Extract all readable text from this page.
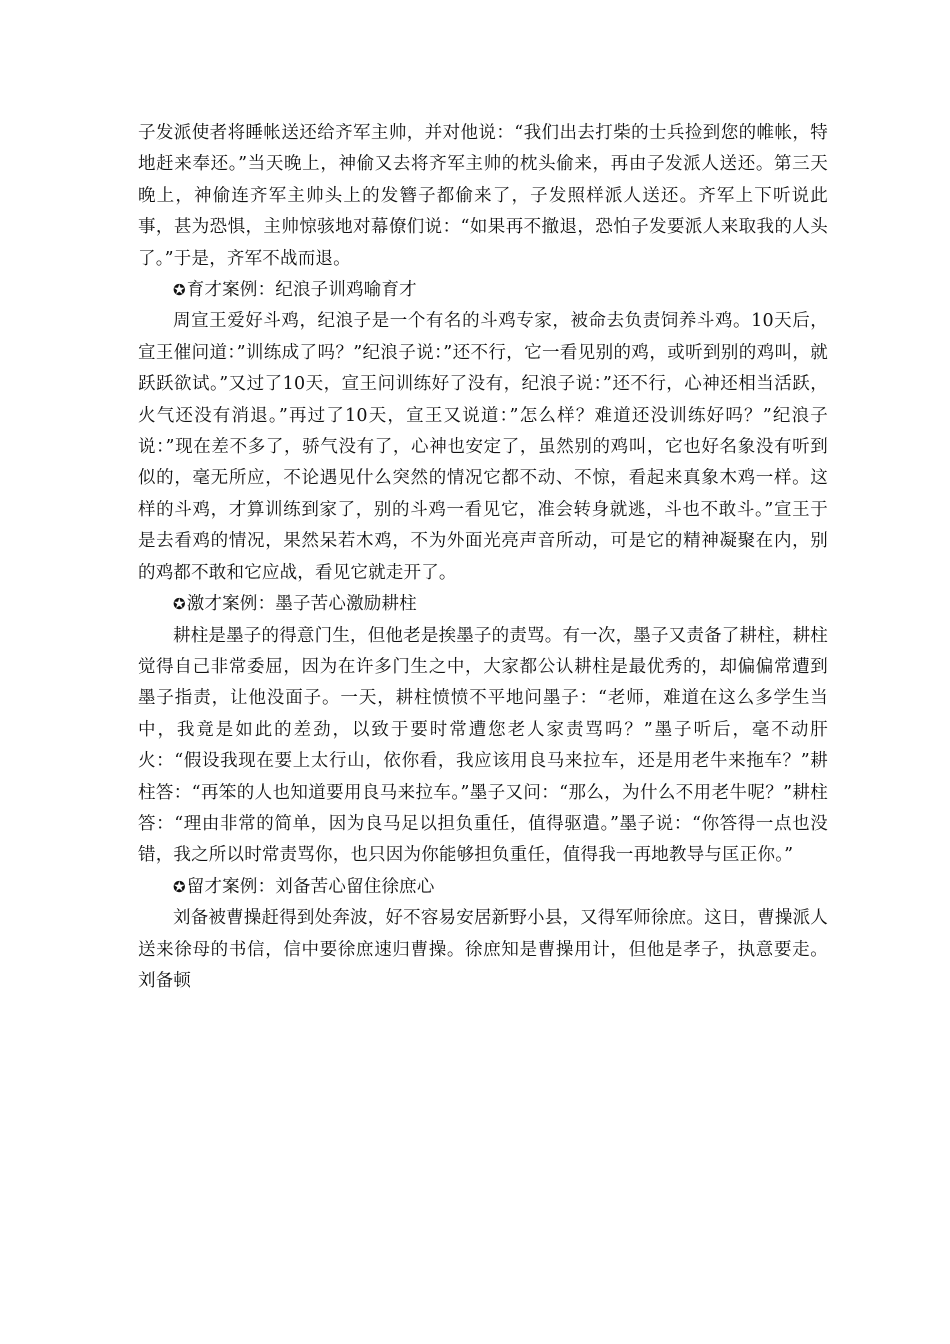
子发派使者将睡帐送还给齐军主帅，并对他说：“我们出去打柴的士兵捡到您的帷帐，特地赶来奉还。”当天晚上，神偷又去将齐军主帅的枕头偷来，再由子发派人送还。第三天晚上，神偷连齐军主帅头上的发簪子都偷来了，子发照样派人送还。齐军上下听说此事，甚为恐惧，主帅惊骇地对幕僚们说：“如果再不撤退，恐怕子发要派人来取我的人头了。”于是，齐军不战而退。

✪育才案例：纪浪子训鸡喻育才

周宣王爱好斗鸡，纪浪子是一个有名的斗鸡专家，被命去负责饲养斗鸡。10天后，宣王催问道：”训练成了吗？”纪浪子说：”还不行，它一看见别的鸡，或听到别的鸡叫，就跃跃欲试。”又过了10天，宣王问训练好了没有，纪浪子说：”还不行，心神还相当活跃，火气还没有消退。”再过了10天，宣王又说道：”怎么样？难道还没训练好吗？”纪浪子说：”现在差不多了，骄气没有了，心神也安定了，虽然别的鸡叫，它也好名象没有听到似的，毫无所应，不论遇见什么突然的情况它都不动、不惊，看起来真象木鸡一样。这样的斗鸡，才算训练到家了，别的斗鸡一看见它，准会转身就逃，斗也不敢斗。”宣王于是去看鸡的情况，果然呆若木鸡，不为外面光亮声音所动，可是它的精神凝聚在内，别的鸡都不敢和它应战，看见它就走开了。

✪激才案例：墨子苦心激励耕柱

耕柱是墨子的得意门生，但他老是挨墨子的责骂。有一次，墨子又责备了耕柱，耕柱觉得自己非常委屈，因为在许多门生之中，大家都公认耕柱是最优秀的，却偏偏常遭到墨子指责，让他没面子。一天，耕柱愤愤不平地问墨子：“老师，难道在这么多学生当中，我竟是如此的差劲，以致于要时常遭您老人家责骂吗？”墨子听后，毫不动肝火：“假设我现在要上太行山，依你看，我应该用良马来拉车，还是用老牛来拖车？”耕柱答：“再笨的人也知道要用良马来拉车。”墨子又问：“那么，为什么不用老牛呢？”耕柱答：“理由非常的简单，因为良马足以担负重任，值得驱遣。”墨子说：“你答得一点也没错，我之所以时常责骂你，也只因为你能够担负重任，值得我一再地教导与匡正你。”

✪留才案例：刘备苦心留住徐庶心

刘备被曹操赶得到处奔波，好不容易安居新野小县，又得军师徐庶。这日，曹操派人送来徐母的书信，信中要徐庶速归曹操。徐庶知是曹操用计，但他是孝子，执意要走。刘备顿
